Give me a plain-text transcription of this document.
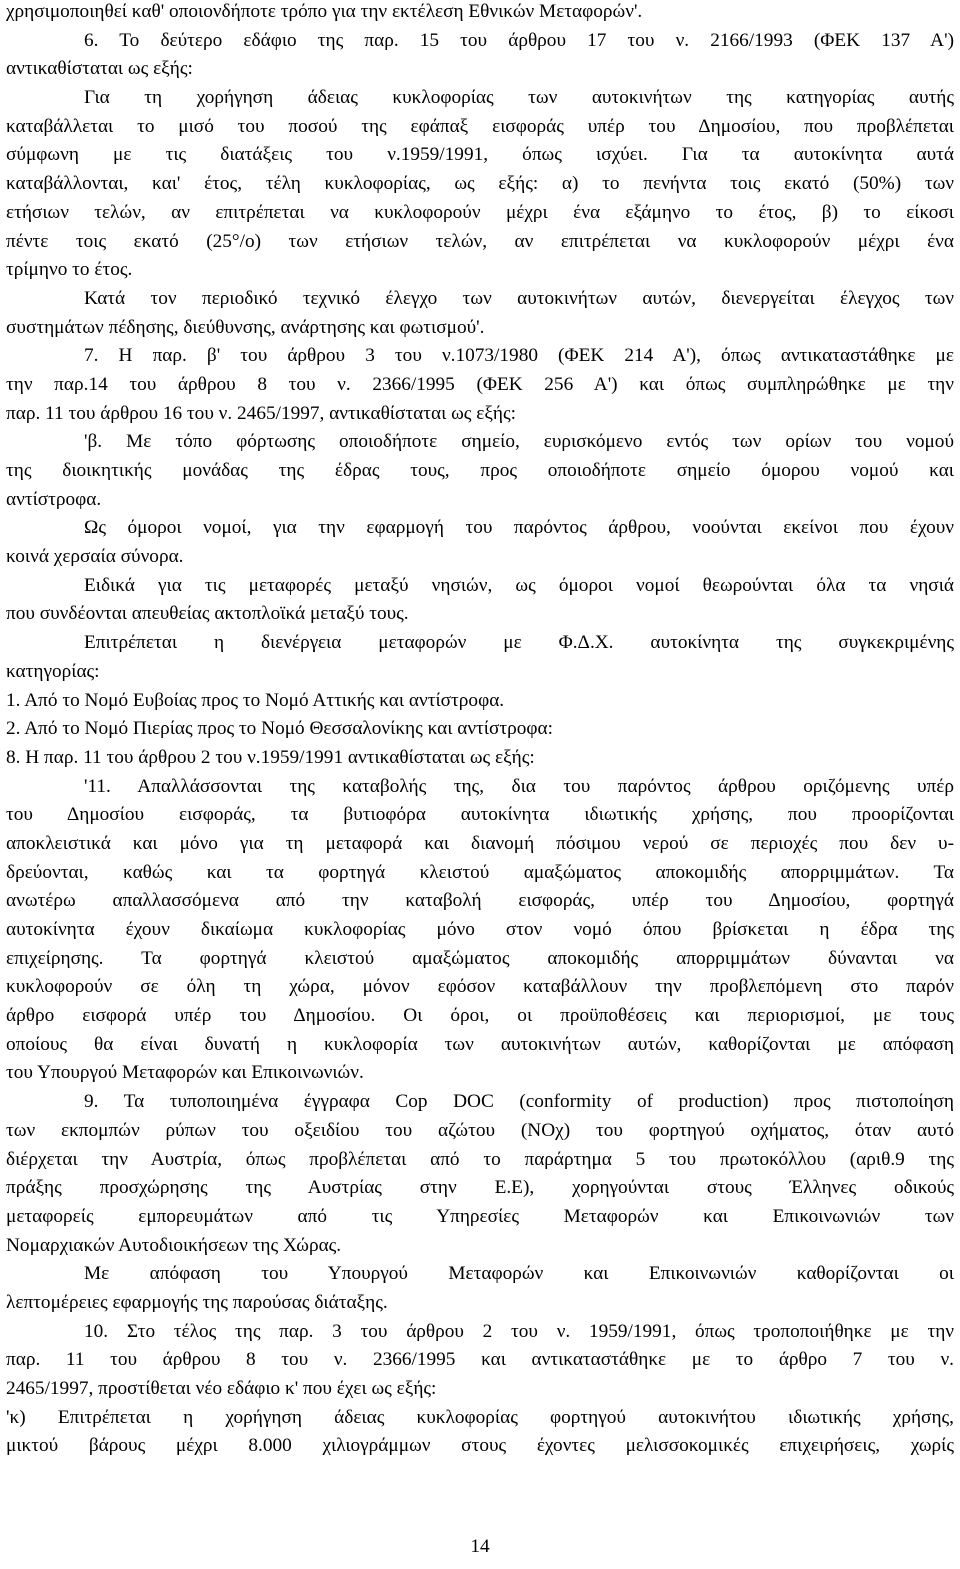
χρησιμοποιηθεί καθ' οποιονδήποτε τρόπο για την εκτέλεση Εθνικών Μεταφορών'.
6. Το δεύτερο εδάφιο της παρ. 15 του άρθρου 17 του ν. 2166/1993 (ΦΕΚ 137 Α')
αντικαθίσταται ως εξής:
Για τη χορήγηση άδειας κυκλοφορίας των αυτοκινήτων της κατηγορίας αυτής
καταβάλλεται το μισό του ποσού της εφάπαξ εισφοράς υπέρ του Δημοσίου, που προβλέπεται
σύμφωνη με τις διατάξεις του ν.1959/1991, όπως ισχύει. Για τα αυτοκίνητα αυτά
καταβάλλονται, και' έτος, τέλη κυκλοφορίας, ως εξής: α) το πενήντα τοις εκατό (50%) των
ετήσιων τελών, αν επιτρέπεται να κυκλοφορούν μέχρι ένα εξάμηνο το έτος, β) το είκοσι
πέντε τοις εκατό (25°/ο) των ετήσιων τελών, αν επιτρέπεται να κυκλοφορούν μέχρι ένα
τρίμηνο το έτος.
Κατά τον περιοδικό τεχνικό έλεγχο των αυτοκινήτων αυτών, διενεργείται έλεγχος των
συστημάτων πέδησης, διεύθυνσης, ανάρτησης και φωτισμού'.
7. Η παρ. β' του άρθρου 3 του ν.1073/1980 (ΦΕΚ 214 Α'), όπως αντικαταστάθηκε με
την παρ.14 του άρθρου 8 του ν. 2366/1995 (ΦΕΚ 256 Α') και όπως συμπληρώθηκε με την
παρ. 11 του άρθρου 16 του ν. 2465/1997, αντικαθίσταται ως εξής:
'β. Με τόπο φόρτωσης οποιοδήποτε σημείο, ευρισκόμενο εντός των ορίων του νομού
της διοικητικής μονάδας της έδρας τους, προς οποιοδήποτε σημείο όμορου νομού και
αντίστροφα.
Ως όμοροι νομοί, για την εφαρμογή του παρόντος άρθρου, νοούνται εκείνοι που έχουν
κοινά χερσαία σύνορα.
Ειδικά για τις μεταφορές μεταξύ νησιών, ως όμοροι νομοί θεωρούνται όλα τα νησιά
που συνδέονται απευθείας ακτοπλοϊκά μεταξύ τους.
Επιτρέπεται η διενέργεια μεταφορών με Φ.Δ.Χ. αυτοκίνητα της συγκεκριμένης
κατηγορίας:
1. Από το Νομό Ευβοίας προς το Νομό Αττικής και αντίστροφα.
2. Από το Νομό Πιερίας προς το Νομό Θεσσαλονίκης και αντίστροφα:
8. Η παρ. 11 του άρθρου 2 του ν.1959/1991 αντικαθίσταται ως εξής:
'11. Απαλλάσσονται της καταβολής της, δια του παρόντος άρθρου οριζόμενης υπέρ
του Δημοσίου εισφοράς, τα βυτιοφόρα αυτοκίνητα ιδιωτικής χρήσης, που προορίζονται
αποκλειστικά και μόνο για τη μεταφορά και διανομή πόσιμου νερού σε περιοχές που δεν υ-
δρεύονται, καθώς και τα φορτηγά κλειστού αμαξώματος αποκομιδής απορριμμάτων. Τα
ανωτέρω απαλλασσόμενα από την καταβολή εισφοράς, υπέρ του Δημοσίου, φορτηγά
αυτοκίνητα έχουν δικαίωμα κυκλοφορίας μόνο στον νομό όπου βρίσκεται η έδρα της
επιχείρησης. Τα φορτηγά κλειστού αμαξώματος αποκομιδής απορριμμάτων δύνανται να
κυκλοφορούν σε όλη τη χώρα, μόνον εφόσον καταβάλλουν την προβλεπόμενη στο παρόν
άρθρο εισφορά υπέρ του Δημοσίου. Οι όροι, οι προϋποθέσεις και περιορισμοί, με τους
οποίους θα είναι δυνατή η κυκλοφορία των αυτοκινήτων αυτών, καθορίζονται με απόφαση
του Υπουργού Μεταφορών και Επικοινωνιών.
9. Τα τυποποιημένα έγγραφα Cop DOC (conformity of production) προς πιστοποίηση
των εκπομπών ρύπων του οξειδίου του αζώτου (ΝΟχ) του φορτηγού οχήματος, όταν αυτό
διέρχεται την Αυστρία, όπως προβλέπεται από το παράρτημα 5 του πρωτοκόλλου (αριθ.9 της
πράξης προσχώρησης της Αυστρίας στην Ε.Ε), χορηγούνται στους Έλληνες οδικούς
μεταφορείς εμπορευμάτων από τις Υπηρεσίες Μεταφορών και Επικοινωνιών των
Νομαρχιακών Αυτοδιοικήσεων της Χώρας.
Με απόφαση του Υπουργού Μεταφορών και Επικοινωνιών καθορίζονται οι
λεπτομέρειες εφαρμογής της παρούσας διάταξης.
10. Στο τέλος της παρ. 3 του άρθρου 2 του ν. 1959/1991, όπως τροποποιήθηκε με την
παρ. 11 του άρθρου 8 του ν. 2366/1995 και αντικαταστάθηκε με το άρθρο 7 του ν.
2465/1997, προστίθεται νέο εδάφιο κ' που έχει ως εξής:
'κ) Επιτρέπεται η χορήγηση άδειας κυκλοφορίας φορτηγού αυτοκινήτου ιδιωτικής χρήσης,
μικτού βάρους μέχρι 8.000 χιλιογράμμων στους έχοντες μελισσοκομικές επιχειρήσεις, χωρίς
14
